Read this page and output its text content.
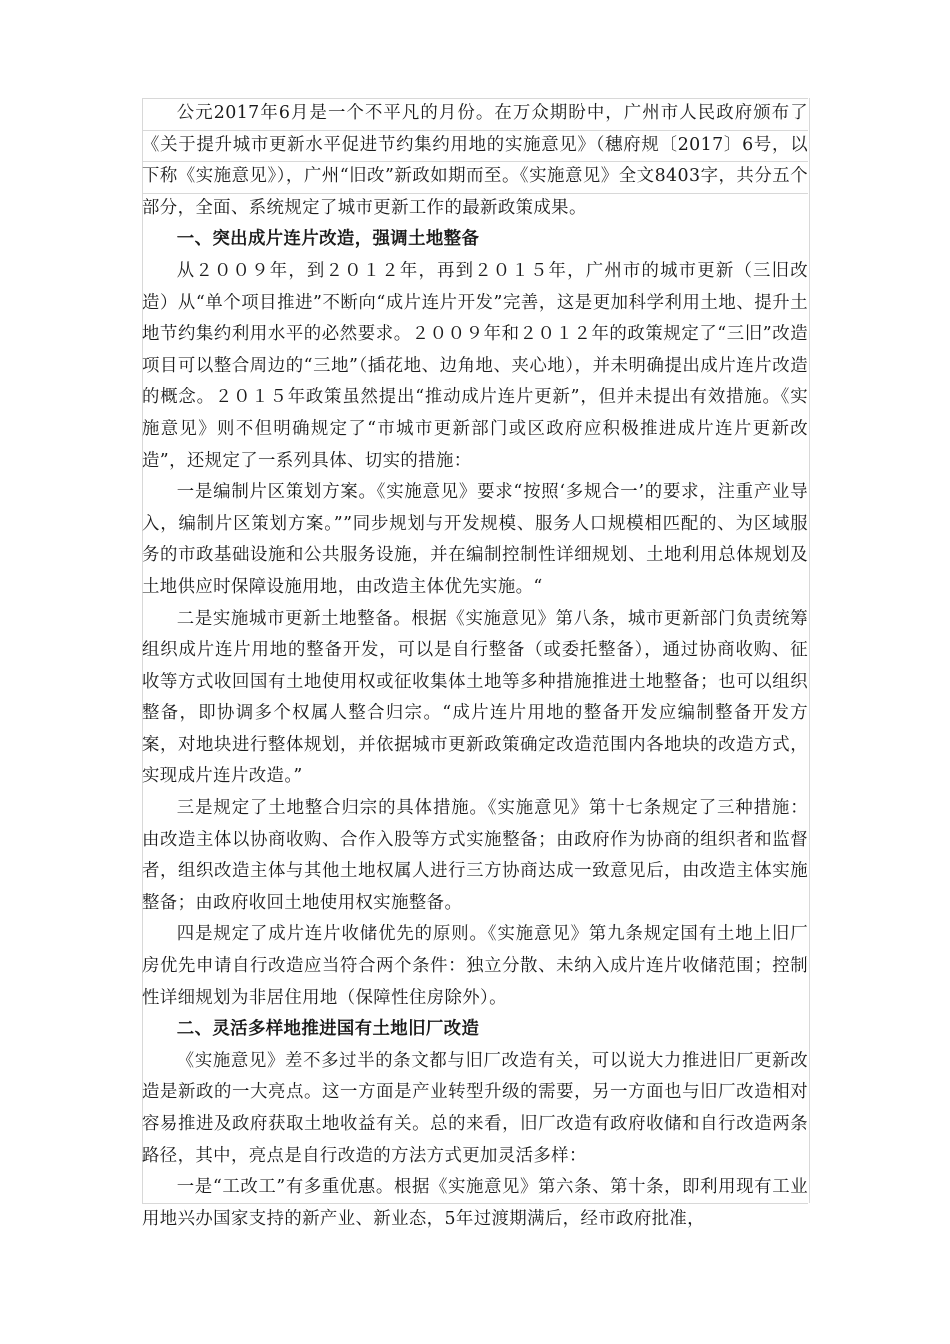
公元2017年6月是一个不平凡的月份。在万众期盼中，广州市人民政府颁布了《关于提升城市更新水平促进节约集约用地的实施意见》（穗府规〔2017〕6号，以下称《实施意见》），广州“旧改”新政如期而至。《实施意见》全文8403字，共分五个部分，全面、系统规定了城市更新工作的最新政策成果。

一、突出成片连片改造，强调土地整备

从２００９年，到２０１２年，再到２０１５年，广州市的城市更新（三旧改造）从“单个项目推进”不断向“成片连片开发”完善，这是更加科学利用土地、提升土地节约集约利用水平的必然要求。２００９年和２０１２年的政策规定了“三旧”改造项目可以整合周边的“三地”（插花地、边角地、夹心地），并未明确提出成片连片改造的概念。２０１５年政策虽然提出“推动成片连片更新”，但并未提出有效措施。《实施意见》则不但明确规定了“市城市更新部门或区政府应积极推进成片连片更新改造”，还规定了一系列具体、切实的措施：

一是编制片区策划方案。《实施意见》要求“按照‘多规合一’的要求，注重产业导入，编制片区策划方案。””同步规划与开发规模、服务人口规模相匹配的、为区域服务的市政基础设施和公共服务设施，并在编制控制性详细规划、土地利用总体规划及土地供应时保障设施用地，由改造主体优先实施。“

二是实施城市更新土地整备。根据《实施意见》第八条，城市更新部门负责统筹组织成片连片用地的整备开发，可以是自行整备（或委托整备），通过协商收购、征收等方式收回国有土地使用权或征收集体土地等多种措施推进土地整备；也可以组织整备，即协调多个权属人整合归宗。“成片连片用地的整备开发应编制整备开发方案，对地块进行整体规划，并依据城市更新政策确定改造范围内各地块的改造方式，实现成片连片改造。”

三是规定了土地整合归宗的具体措施。《实施意见》第十七条规定了三种措施：由改造主体以协商收购、合作入股等方式实施整备；由政府作为协商的组织者和监督者，组织改造主体与其他土地权属人进行三方协商达成一致意见后，由改造主体实施整备；由政府收回土地使用权实施整备。

四是规定了成片连片收储优先的原则。《实施意见》第九条规定国有土地上旧厂房优先申请自行改造应当符合两个条件：独立分散、未纳入成片连片收储范围；控制性详细规划为非居住用地（保障性住房除外）。

二、灵活多样地推进国有土地旧厂改造

《实施意见》差不多过半的条文都与旧厂改造有关，可以说大力推进旧厂更新改造是新政的一大亮点。这一方面是产业转型升级的需要，另一方面也与旧厂改造相对容易推进及政府获取土地收益有关。总的来看，旧厂改造有政府收储和自行改造两条路径，其中，亮点是自行改造的方法方式更加灵活多样：

一是“工改工”有多重优惠。根据《实施意见》第六条、第十条，即利用现有工业用地兴办国家支持的新产业、新业态，5年过渡期满后，经市政府批准，
